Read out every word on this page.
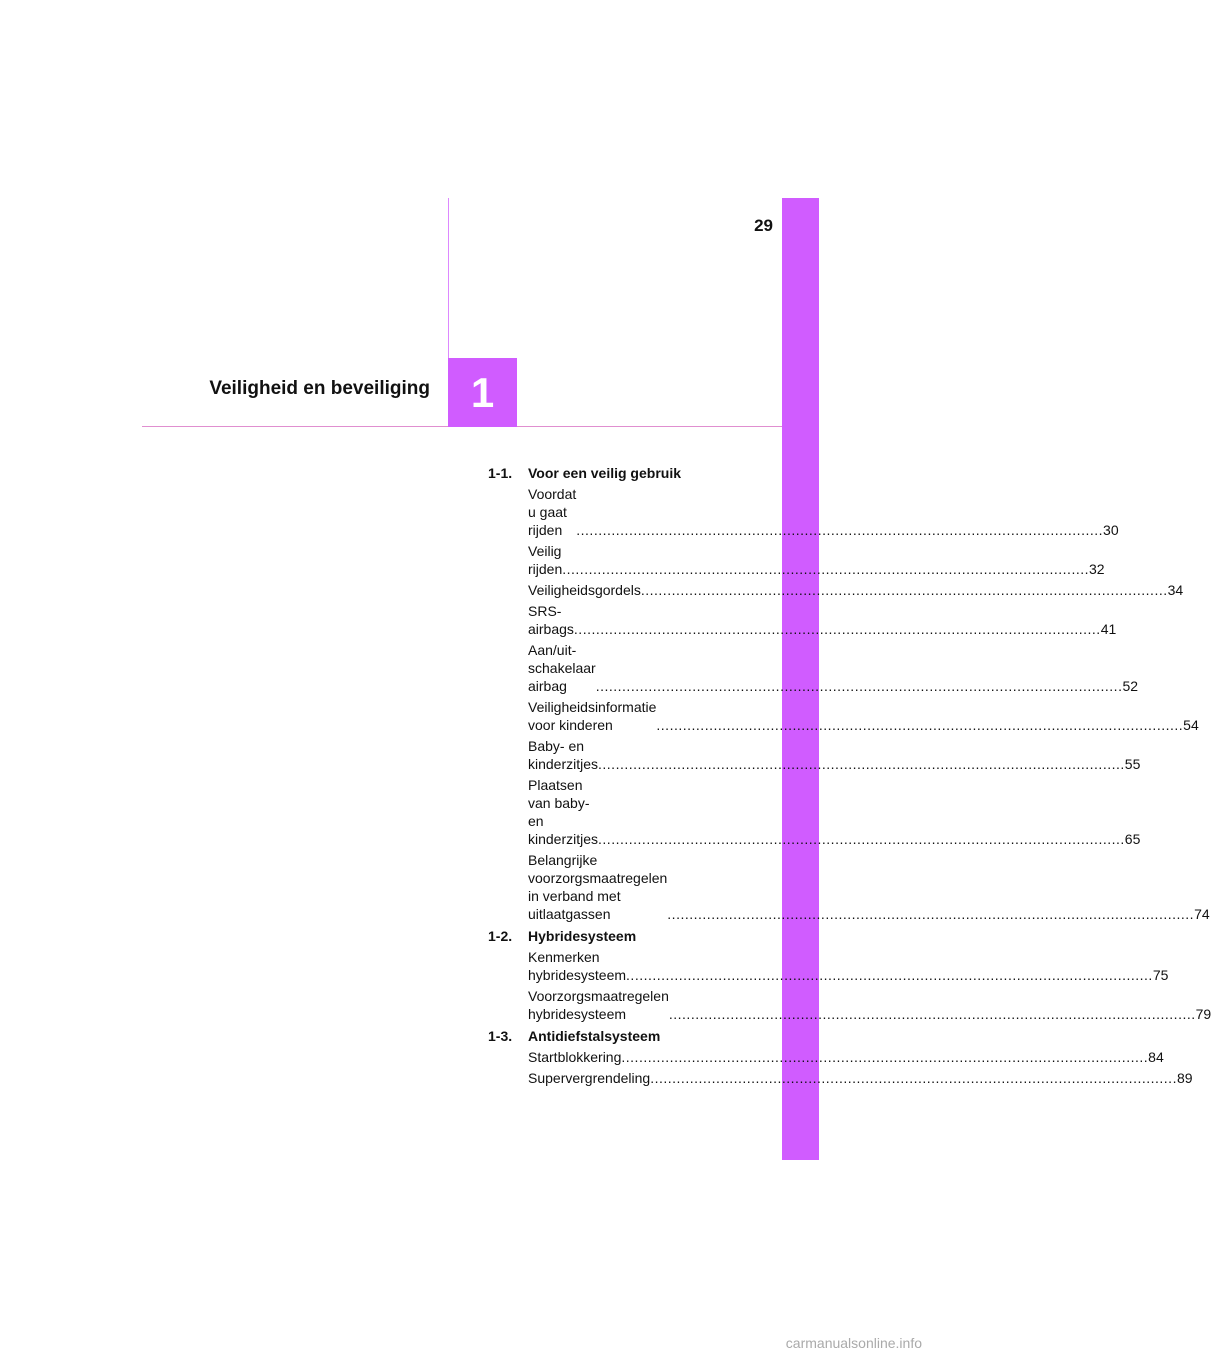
1
29
Veiligheid en beveiliging
1-1.	Voor een veilig gebruik
Voordat u gaat rijden	........................................................................................................................ 30
Veilig rijden ........................................................................................................................ 32
Veiligheidsgordels ........................................................................................................................ 34
SRS-airbags ........................................................................................................................ 41
Aan/uit-schakelaar airbag	........................................................................................................................ 52
Veiligheidsinformatie
voor kinderen	........................................................................................................................ 54
Baby- en kinderzitjes ........................................................................................................................ 55
Plaatsen van baby-
en kinderzitjes ........................................................................................................................ 65
Belangrijke
voorzorgsmaatregelen
in verband met
uitlaatgassen	........................................................................................................................ 74
1-2.	Hybridesysteem
Kenmerken
hybridesysteem ........................................................................................................................ 75
Voorzorgsmaatregelen
hybridesysteem	........................................................................................................................ 79
1-3.	Antidiefstalsysteem
Startblokkering ........................................................................................................................ 84
Supervergrendeling ........................................................................................................................ 89
carmanualsonline.info
